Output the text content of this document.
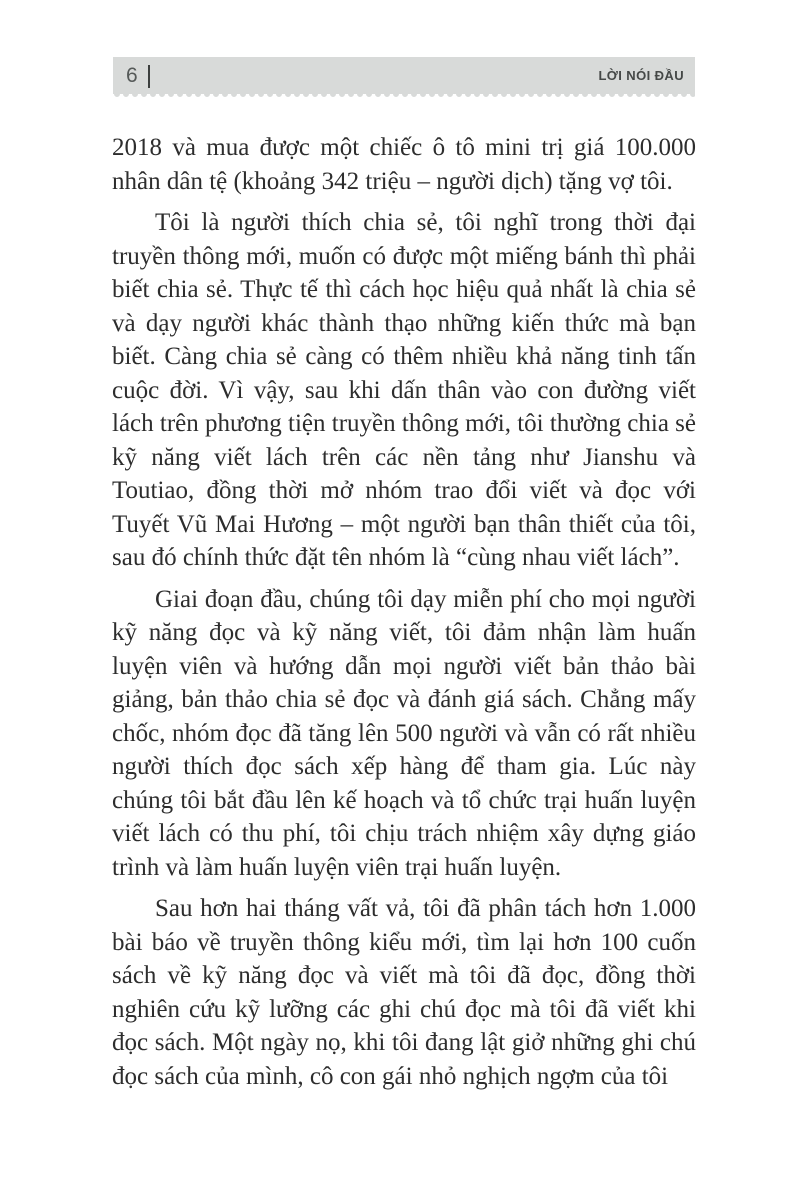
6	LỜI NÓI ĐẦU

2018 và mua được một chiếc ô tô mini trị giá 100.000 nhân dân tệ (khoảng 342 triệu – người dịch) tặng vợ tôi.

Tôi là người thích chia sẻ, tôi nghĩ trong thời đại truyền thông mới, muốn có được một miếng bánh thì phải biết chia sẻ. Thực tế thì cách học hiệu quả nhất là chia sẻ và dạy người khác thành thạo những kiến thức mà bạn biết. Càng chia sẻ càng có thêm nhiều khả năng tinh tấn cuộc đời. Vì vậy, sau khi dấn thân vào con đường viết lách trên phương tiện truyền thông mới, tôi thường chia sẻ kỹ năng viết lách trên các nền tảng như Jianshu và Toutiao, đồng thời mở nhóm trao đổi viết và đọc với Tuyết Vũ Mai Hương – một người bạn thân thiết của tôi, sau đó chính thức đặt tên nhóm là “cùng nhau viết lách”.

Giai đoạn đầu, chúng tôi dạy miễn phí cho mọi người kỹ năng đọc và kỹ năng viết, tôi đảm nhận làm huấn luyện viên và hướng dẫn mọi người viết bản thảo bài giảng, bản thảo chia sẻ đọc và đánh giá sách. Chẳng mấy chốc, nhóm đọc đã tăng lên 500 người và vẫn có rất nhiều người thích đọc sách xếp hàng để tham gia. Lúc này chúng tôi bắt đầu lên kế hoạch và tổ chức trại huấn luyện viết lách có thu phí, tôi chịu trách nhiệm xây dựng giáo trình và làm huấn luyện viên trại huấn luyện.

Sau hơn hai tháng vất vả, tôi đã phân tách hơn 1.000 bài báo về truyền thông kiểu mới, tìm lại hơn 100 cuốn sách về kỹ năng đọc và viết mà tôi đã đọc, đồng thời nghiên cứu kỹ lưỡng các ghi chú đọc mà tôi đã viết khi đọc sách. Một ngày nọ, khi tôi đang lật giở những ghi chú đọc sách của mình, cô con gái nhỏ nghịch ngợm của tôi
